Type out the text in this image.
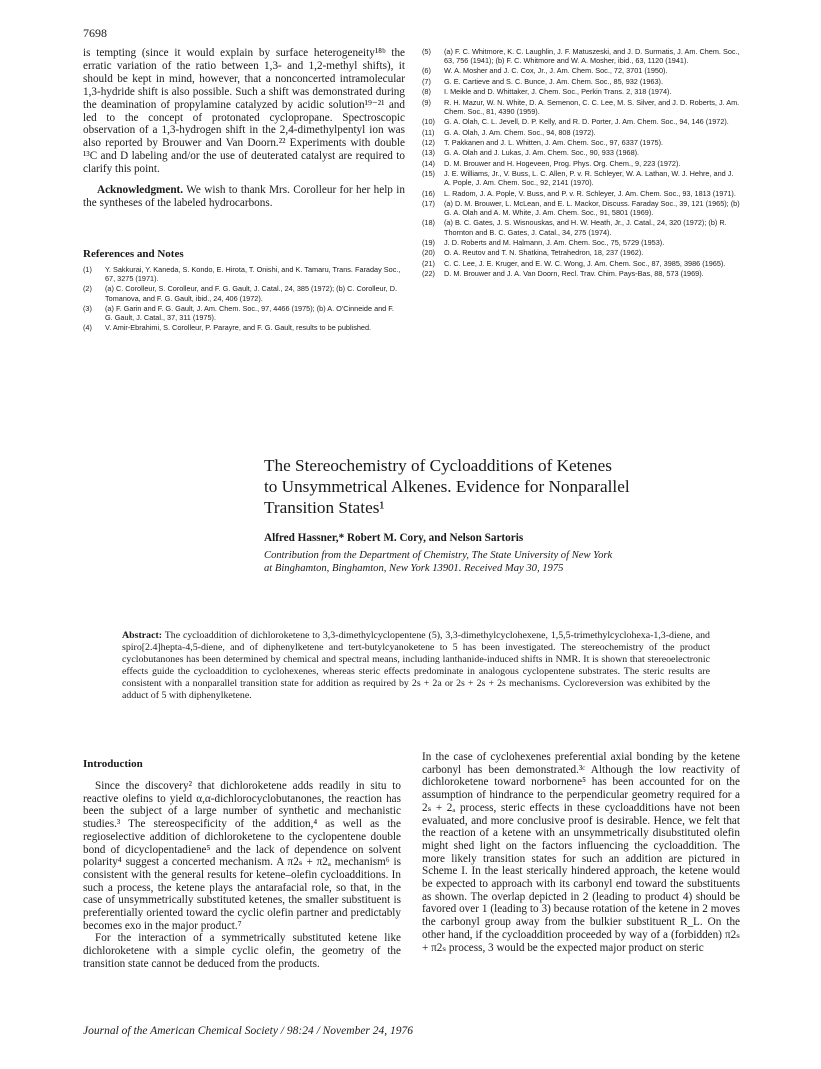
7698

is tempting (since it would explain by surface heterogeneity¹⁸ᵇ the erratic variation of the ratio between 1,3- and 1,2-methyl shifts), it should be kept in mind, however, that a nonconcerted intramolecular 1,3-hydride shift is also possible. Such a shift was demonstrated during the deamination of propylamine catalyzed by acidic solution¹⁹⁻²¹ and led to the concept of protonated cyclopropane. Spectroscopic observation of a 1,3-hydrogen shift in the 2,4-dimethylpentyl ion was also reported by Brouwer and Van Doorn.²² Experiments with double ¹³C and D labeling and/or the use of deuterated catalyst are required to clarify this point.

Acknowledgment. We wish to thank Mrs. Corolleur for her help in the syntheses of the labeled hydrocarbons.

References and Notes
(1)	Y. Sakkurai, Y. Kaneda, S. Kondo, E. Hirota, T. Onishi, and K. Tamaru, Trans. Faraday Soc., 67, 3275 (1971).
(2)	(a) C. Corolleur, S. Corolleur, and F. G. Gault, J. Catal., 24, 385 (1972); (b) C. Corolleur, D. Tomanova, and F. G. Gault, ibid., 24, 406 (1972).
(3)	(a) F. Garin and F. G. Gault, J. Am. Chem. Soc., 97, 4466 (1975); (b) A. O'Cinneide and F. G. Gault, J. Catal., 37, 311 (1975).
(4)	V. Amir-Ebrahimi, S. Corolleur, P. Parayre, and F. G. Gault, results to be published.
(5)	(a) F. C. Whitmore, K. C. Laughlin, J. F. Matuszeski, and J. D. Surmatis, J. Am. Chem. Soc., 63, 756 (1941); (b) F. C. Whitmore and W. A. Mosher, ibid., 63, 1120 (1941).
(6)	W. A. Mosher and J. C. Cox, Jr., J. Am. Chem. Soc., 72, 3701 (1950).
(7)	G. E. Cartieve and S. C. Bunce, J. Am. Chem. Soc., 85, 932 (1963).
(8)	I. Meikle and D. Whittaker, J. Chem. Soc., Perkin Trans. 2, 318 (1974).
(9)	R. H. Mazur, W. N. White, D. A. Semenon, C. C. Lee, M. S. Silver, and J. D. Roberts, J. Am. Chem. Soc., 81, 4390 (1959).
(10)	G. A. Olah, C. L. Jevell, D. P. Kelly, and R. D. Porter, J. Am. Chem. Soc., 94, 146 (1972).
(11)	G. A. Olah, J. Am. Chem. Soc., 94, 808 (1972).
(12)	T. Pakkanen and J. L. Whitten, J. Am. Chem. Soc., 97, 6337 (1975).
(13)	G. A. Olah and J. Lukas, J. Am. Chem. Soc., 90, 933 (1968).
(14)	D. M. Brouwer and H. Hogeveen, Prog. Phys. Org. Chem., 9, 223 (1972).
(15)	J. E. Williams, Jr., V. Buss, L. C. Allen, P. v. R. Schleyer, W. A. Lathan, W. J. Hehre, and J. A. Pople, J. Am. Chem. Soc., 92, 2141 (1970).
(16)	L. Radom, J. A. Pople, V. Buss, and P. v. R. Schleyer, J. Am. Chem. Soc., 93, 1813 (1971).
(17)	(a) D. M. Brouwer, L. McLean, and E. L. Mackor, Discuss. Faraday Soc., 39, 121 (1965); (b) G. A. Olah and A. M. White, J. Am. Chem. Soc., 91, 5801 (1969).
(18)	(a) B. C. Gates, J. S. Wisnouskas, and H. W. Heath, Jr., J. Catal., 24, 320 (1972); (b) R. Thornton and B. C. Gates, J. Catal., 34, 275 (1974).
(19)	J. D. Roberts and M. Halmann, J. Am. Chem. Soc., 75, 5729 (1953).
(20)	O. A. Reutov and T. N. Shatkina, Tetrahedron, 18, 237 (1962).
(21)	C. C. Lee, J. E. Kruger, and E. W. C. Wong, J. Am. Chem. Soc., 87, 3985, 3986 (1965).
(22)	D. M. Brouwer and J. A. Van Doorn, Recl. Trav. Chim. Pays-Bas, 88, 573 (1969).
The Stereochemistry of Cycloadditions of Ketenes
to Unsymmetrical Alkenes. Evidence for Nonparallel
Transition States¹
Alfred Hassner,* Robert M. Cory, and Nelson Sartoris
Contribution from the Department of Chemistry, The State University of New York
at Binghamton, Binghamton, New York 13901. Received May 30, 1975
Abstract: The cycloaddition of dichloroketene to 3,3-dimethylcyclopentene (5), 3,3-dimethylcyclohexene, 1,5,5-trimethylcyclohexa-1,3-diene, and spiro[2.4]hepta-4,5-diene, and of diphenylketene and tert-butylcyanoketene to 5 has been investigated. The stereochemistry of the product cyclobutanones has been determined by chemical and spectral means, including lanthanide-induced shifts in NMR. It is shown that stereoelectronic effects guide the cycloaddition to cyclohexenes, whereas steric effects predominate in analogous cyclopentene substrates. The steric results are consistent with a nonparallel transition state for addition as required by 2s + 2a or 2s + 2s + 2s mechanisms. Cycloreversion was exhibited by the adduct of 5 with diphenylketene.
Introduction

Since the discovery² that dichloroketene adds readily in situ to reactive olefins to yield α,α-dichlorocyclobutanones, the reaction has been the subject of a large number of synthetic and mechanistic studies.³ The stereospecificity of the addition,⁴ as well as the regioselective addition of dichloroketene to the cyclopentene double bond of dicyclopentadiene⁵ and the lack of dependence on solvent polarity⁴ suggest a concerted mechanism. A π2ₛ + π2ₐ mechanism⁶ is consistent with the general results for ketene–olefin cycloadditions. In such a process, the ketene plays the antarafacial role, so that, in the case of unsymmetrically substituted ketenes, the smaller substituent is preferentially oriented toward the cyclic olefin partner and predictably becomes exo in the major product.⁷

For the interaction of a symmetrically substituted ketene like dichloroketene with a simple cyclic olefin, the geometry of the transition state cannot be deduced from the products.

In the case of cyclohexenes preferential axial bonding by the ketene carbonyl has been demonstrated.³ᶜ Although the low reactivity of dichloroketene toward norbornene⁵ has been accounted for on the assumption of hindrance to the perpendicular geometry required for a 2ₛ + 2ₐ process, steric effects in these cycloadditions have not been evaluated, and more conclusive proof is desirable. Hence, we felt that the reaction of a ketene with an unsymmetrically disubstituted olefin might shed light on the factors influencing the cycloaddition. The more likely transition states for such an addition are pictured in Scheme I. In the least sterically hindered approach, the ketene would be expected to approach with its carbonyl end toward the substituents as shown. The overlap depicted in 2 (leading to product 4) should be favored over 1 (leading to 3) because rotation of the ketene in 2 moves the carbonyl group away from the bulkier substituent R_L. On the other hand, if the cycloaddition proceeded by way of a (forbidden) π2ₛ + π2ₛ process, 3 would be the expected major product on steric

Journal of the American Chemical Society / 98:24 / November 24, 1976
